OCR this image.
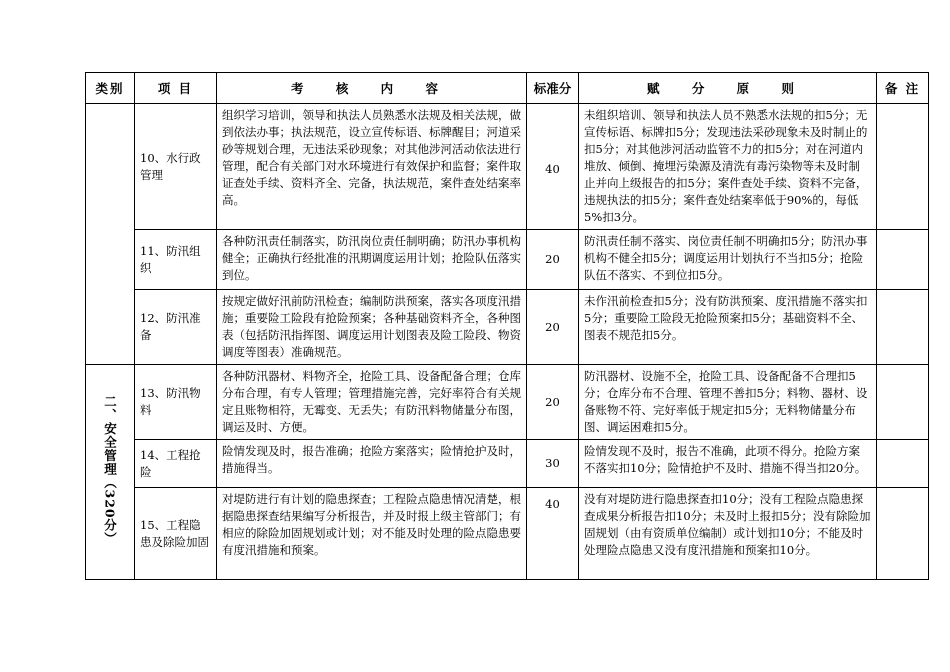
类别	项 目	考 核 内 容	标准分	赋 分 原 则	备 注
	10、水行政管理	组织学习培训，领导和执法人员熟悉水法规及相关法规，做到依法办事；执法规范，设立宣传标语、标牌醒目；河道采砂等规划合理，无违法采砂现象；对其他涉河活动依法进行管理，配合有关部门对水环境进行有效保护和监督；案件取证查处手续、资料齐全、完备，执法规范，案件查处结案率高。	40	未组织培训、领导和执法人员不熟悉水法规的扣5分；无宣传标语、标牌扣5分；发现违法采砂现象未及时制止的扣5分；对其他涉河活动监管不力的扣5分；对在河道内堆放、倾倒、掩埋污染源及清洗有毒污染物等未及时制止并向上级报告的扣5分；案件查处手续、资料不完备，违规执法的扣5分；案件查处结案率低于90%的，每低5%扣3分。	
	11、防汛组织	各种防汛责任制落实，防汛岗位责任制明确；防汛办事机构健全；正确执行经批准的汛期调度运用计划；抢险队伍落实到位。	20	防汛责任制不落实、岗位责任制不明确扣5分；防汛办事机构不健全扣5分；调度运用计划执行不当扣5分；抢险队伍不落实、不到位扣5分。	
	12、防汛准备	按规定做好汛前防汛检查；编制防洪预案，落实各项度汛措施；重要险工险段有抢险预案；各种基础资料齐全，各种图表（包括防汛指挥图、调度运用计划图表及险工险段、物资调度等图表）准确规范。	20	未作汛前检查扣5分；没有防洪预案、度汛措施不落实扣5分；重要险工险段无抢险预案扣5分；基础资料不全、图表不规范扣5分。	
二、安全管理（320分）	13、防汛物料	各种防汛器材、料物齐全，抢险工具、设备配备合理；仓库分布合理，有专人管理；管理措施完善，完好率符合有关规定且账物相符，无霉变、无丢失；有防汛料物储量分布图，调运及时、方便。	20	防汛器材、设施不全，抢险工具、设备配备不合理扣5分；仓库分布不合理、管理不善扣5分；料物、器材、设备账物不符、完好率低于规定扣5分；无料物储量分布图、调运困难扣5分。	
	14、工程抢险	险情发现及时，报告准确；抢险方案落实；险情抢护及时，措施得当。	30	险情发现不及时，报告不准确，此项不得分。抢险方案不落实扣10分；险情抢护不及时、措施不得当扣20分。	
	15、工程隐患及除险加固	对堤防进行有计划的隐患探查；工程险点隐患情况清楚，根据隐患探查结果编写分析报告，并及时报上级主管部门；有相应的除险加固规划或计划；对不能及时处理的险点隐患要有度汛措施和预案。	40	没有对堤防进行隐患探查扣10分；没有工程险点隐患探查成果分析报告扣10分；未及时上报扣5分；没有除险加固规划（由有资质单位编制）或计划扣10分；不能及时处理险点隐患又没有度汛措施和预案扣10分。	
